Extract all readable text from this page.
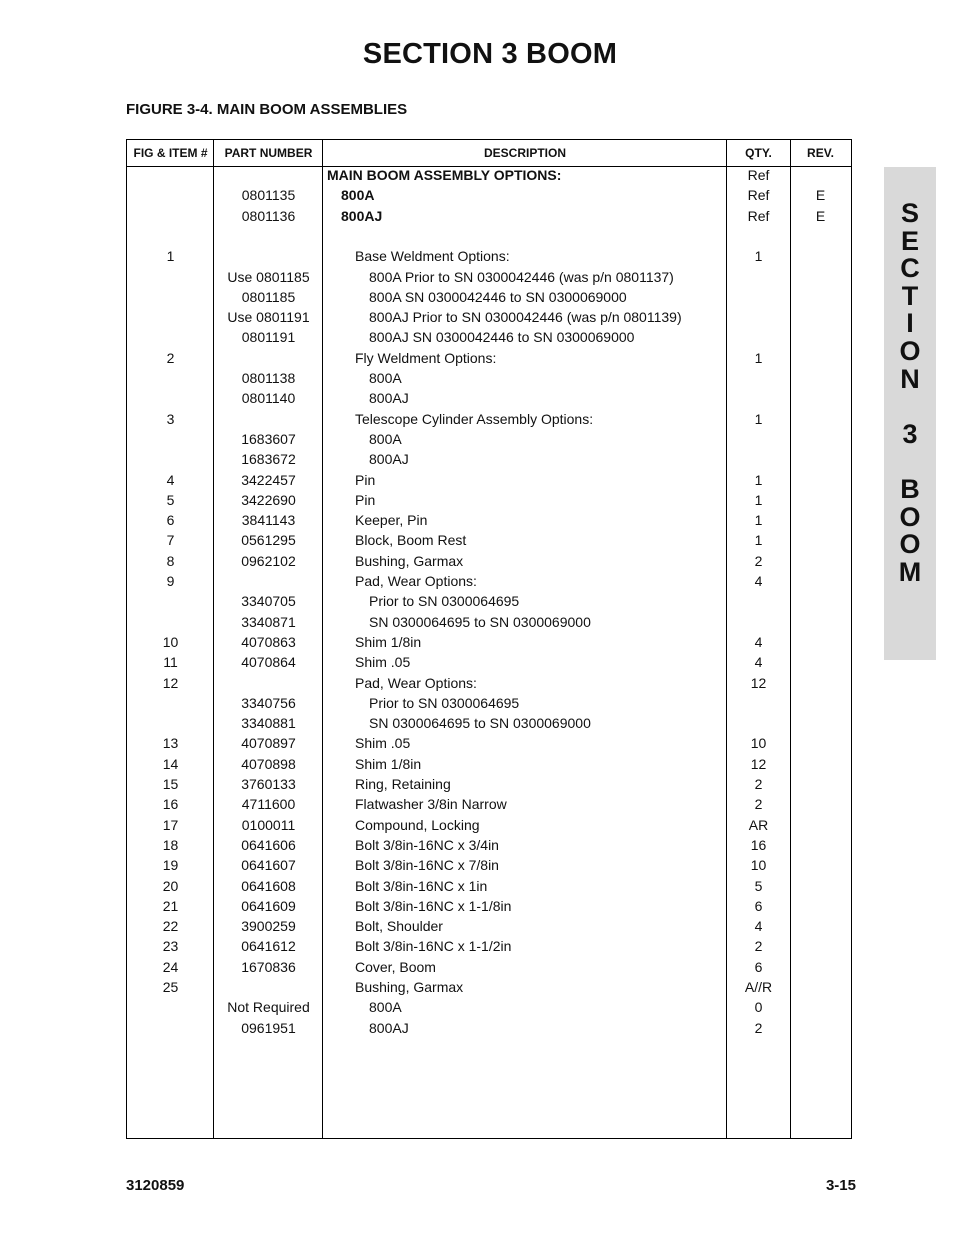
SECTION 3 BOOM
FIGURE 3-4. MAIN BOOM ASSEMBLIES
FIG & ITEM #	PART NUMBER	DESCRIPTION	QTY.	REV.
MAIN BOOM ASSEMBLY OPTIONS:	Ref
0801135	800A	Ref	E
0801136	800AJ	Ref	E
1	Base Weldment Options:	1
Use 0801185	800A Prior to SN 0300042446 (was p/n 0801137)
0801185	800A SN 0300042446 to SN 0300069000
Use 0801191	800AJ Prior to SN 0300042446 (was p/n 0801139)
0801191	800AJ SN 0300042446 to SN 0300069000
2	Fly Weldment Options:	1
0801138	800A
0801140	800AJ
3	Telescope Cylinder Assembly Options:	1
1683607	800A
1683672	800AJ
4	3422457	Pin	1
5	3422690	Pin	1
6	3841143	Keeper, Pin	1
7	0561295	Block, Boom Rest	1
8	0962102	Bushing, Garmax	2
9	Pad, Wear Options:	4
3340705	Prior to SN 0300064695
3340871	SN 0300064695 to SN 0300069000
10	4070863	Shim 1/8in	4
11	4070864	Shim .05	4
12	Pad, Wear Options:	12
3340756	Prior to SN 0300064695
3340881	SN 0300064695 to SN 0300069000
13	4070897	Shim .05	10
14	4070898	Shim 1/8in	12
15	3760133	Ring, Retaining	2
16	4711600	Flatwasher 3/8in Narrow	2
17	0100011	Compound, Locking	AR
18	0641606	Bolt 3/8in-16NC x 3/4in	16
19	0641607	Bolt 3/8in-16NC x 7/8in	10
20	0641608	Bolt 3/8in-16NC x 1in	5
21	0641609	Bolt 3/8in-16NC x 1-1/8in	6
22	3900259	Bolt, Shoulder	4
23	0641612	Bolt 3/8in-16NC x 1-1/2in	2
24	1670836	Cover, Boom	6
25	Bushing, Garmax	A//R
Not Required	800A	0
0961951	800AJ	2
S
E
C
T
I
O
N

3

B
O
O
M
3120859	3-15
